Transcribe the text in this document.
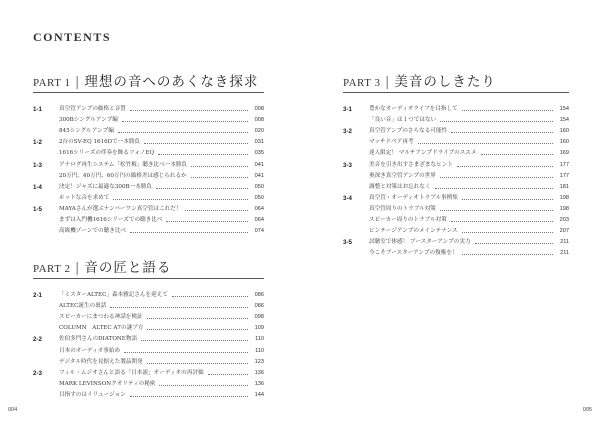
CONTENTS
PART 1 | 理想の音へのあくなき探求
1-1	真空管アンプの価格と音質	008
300Bシングルアンプ編	008
845シングルアンプ編	020
1-2	2台のSV-EQ 1616Dで一本勝負	031
1616シリーズの伴奏を飾るフォノEQ	035
1-3	アナログ再生システム「松竹梅」聴き比べ一本勝負	041
20万円、40万円、60万円の価格差は感じられるか	041
1-4	決定！ジャズに最適な300B一本勝負	050
ホットな音を求めて	050
1-5	MAYAさんが選ぶナンバーワン真空管はこれだ！	064
まずは入門機1616シリーズでの聴き比べ	064
高級機ゾーンでの聴き比べ	074
PART 2 | 音の匠と語る
2-1	「ミスターALTEC」森本雅記さんを迎えて	086
ALTEC誕生の裏話	086
スピーカーにまつわる神話を検証	098
COLUMN　ALTEC A7の謎ブ方	109
2-2	佐伯多門さんのDIATONE物語	110
日本のオーディオ事始め	110
デジタル時代を見据えた製品開発	123
2-3	フィル・ムジオさんと語る「日本流」オーディオの再評価	136
MARK LEVINSONクオリティの秘密	136
目指すのはイリュージョン	144
PART 3 | 美音のしきたり
3-1	豊かなオーディオライフを目指して	154
「良い音」は１つではない	154
3-2	真空管アンプのさらなる可能性	160
マッチドペア再考	160
達人限定！ マルチアンプドライブのススメ	169
3-3	美音を引き出すさまざまなヒント	177
奥深き真空管アンプの世界	177
調整と対策はお忘れなく	181
3-4	真空管・オーディオトラブル事例集	198
真空管周りのトラブル対策	198
スピーカー周りのトラブル対策	203
ビンテージアンプのメインテナンス	207
3-5	試聴室で体感！ ブースターアンプの実力	211
今こそブースターアンプの復権を！	211
004	005
